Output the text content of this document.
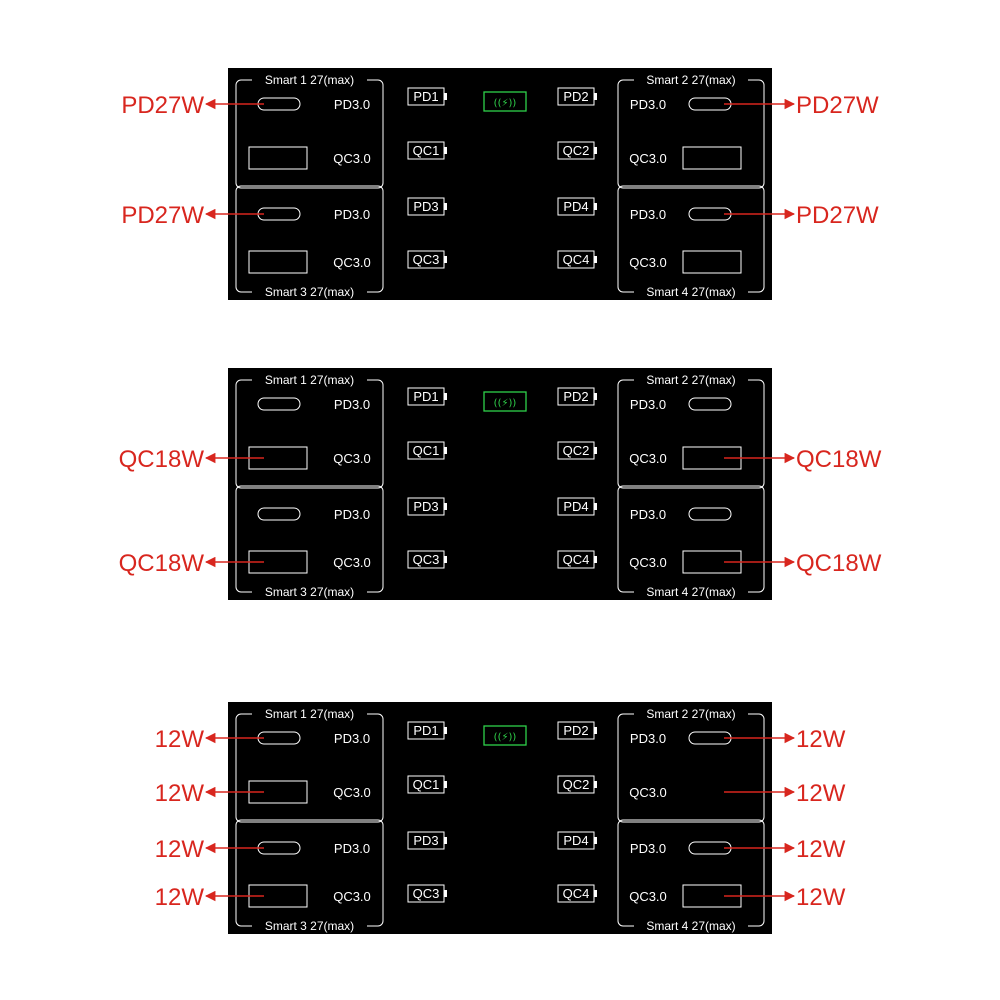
Smart 1 27(max)	Smart 2 27(max)
Smart 3 27(max)	Smart 4 27(max)
PD3.0
QC3.0
PD3.0
QC3.0
PD3.0
QC3.0
PD3.0
QC3.0
PD1
QC1
PD3
QC3
PD2
QC2
PD4
QC4
((⚡))
PD27W	PD27W
PD27W	PD27W
Smart 1 27(max)	Smart 2 27(max)
Smart 3 27(max)	Smart 4 27(max)
PD3.0
QC3.0
PD3.0
QC3.0
PD3.0
QC3.0
PD3.0
QC3.0
PD1
QC1
PD3
QC3
PD2
QC2
PD4
QC4
((⚡))
QC18W	QC18W
QC18W	QC18W
Smart 1 27(max)	Smart 2 27(max)
Smart 3 27(max)	Smart 4 27(max)
PD3.0
QC3.0
PD3.0
QC3.0
PD3.0
QC3.0
PD3.0
QC3.0
PD1
QC1
PD3
QC3
PD2
QC2
PD4
QC4
((⚡))
12W
12W
12W
12W
12W
12W
12W
12W
